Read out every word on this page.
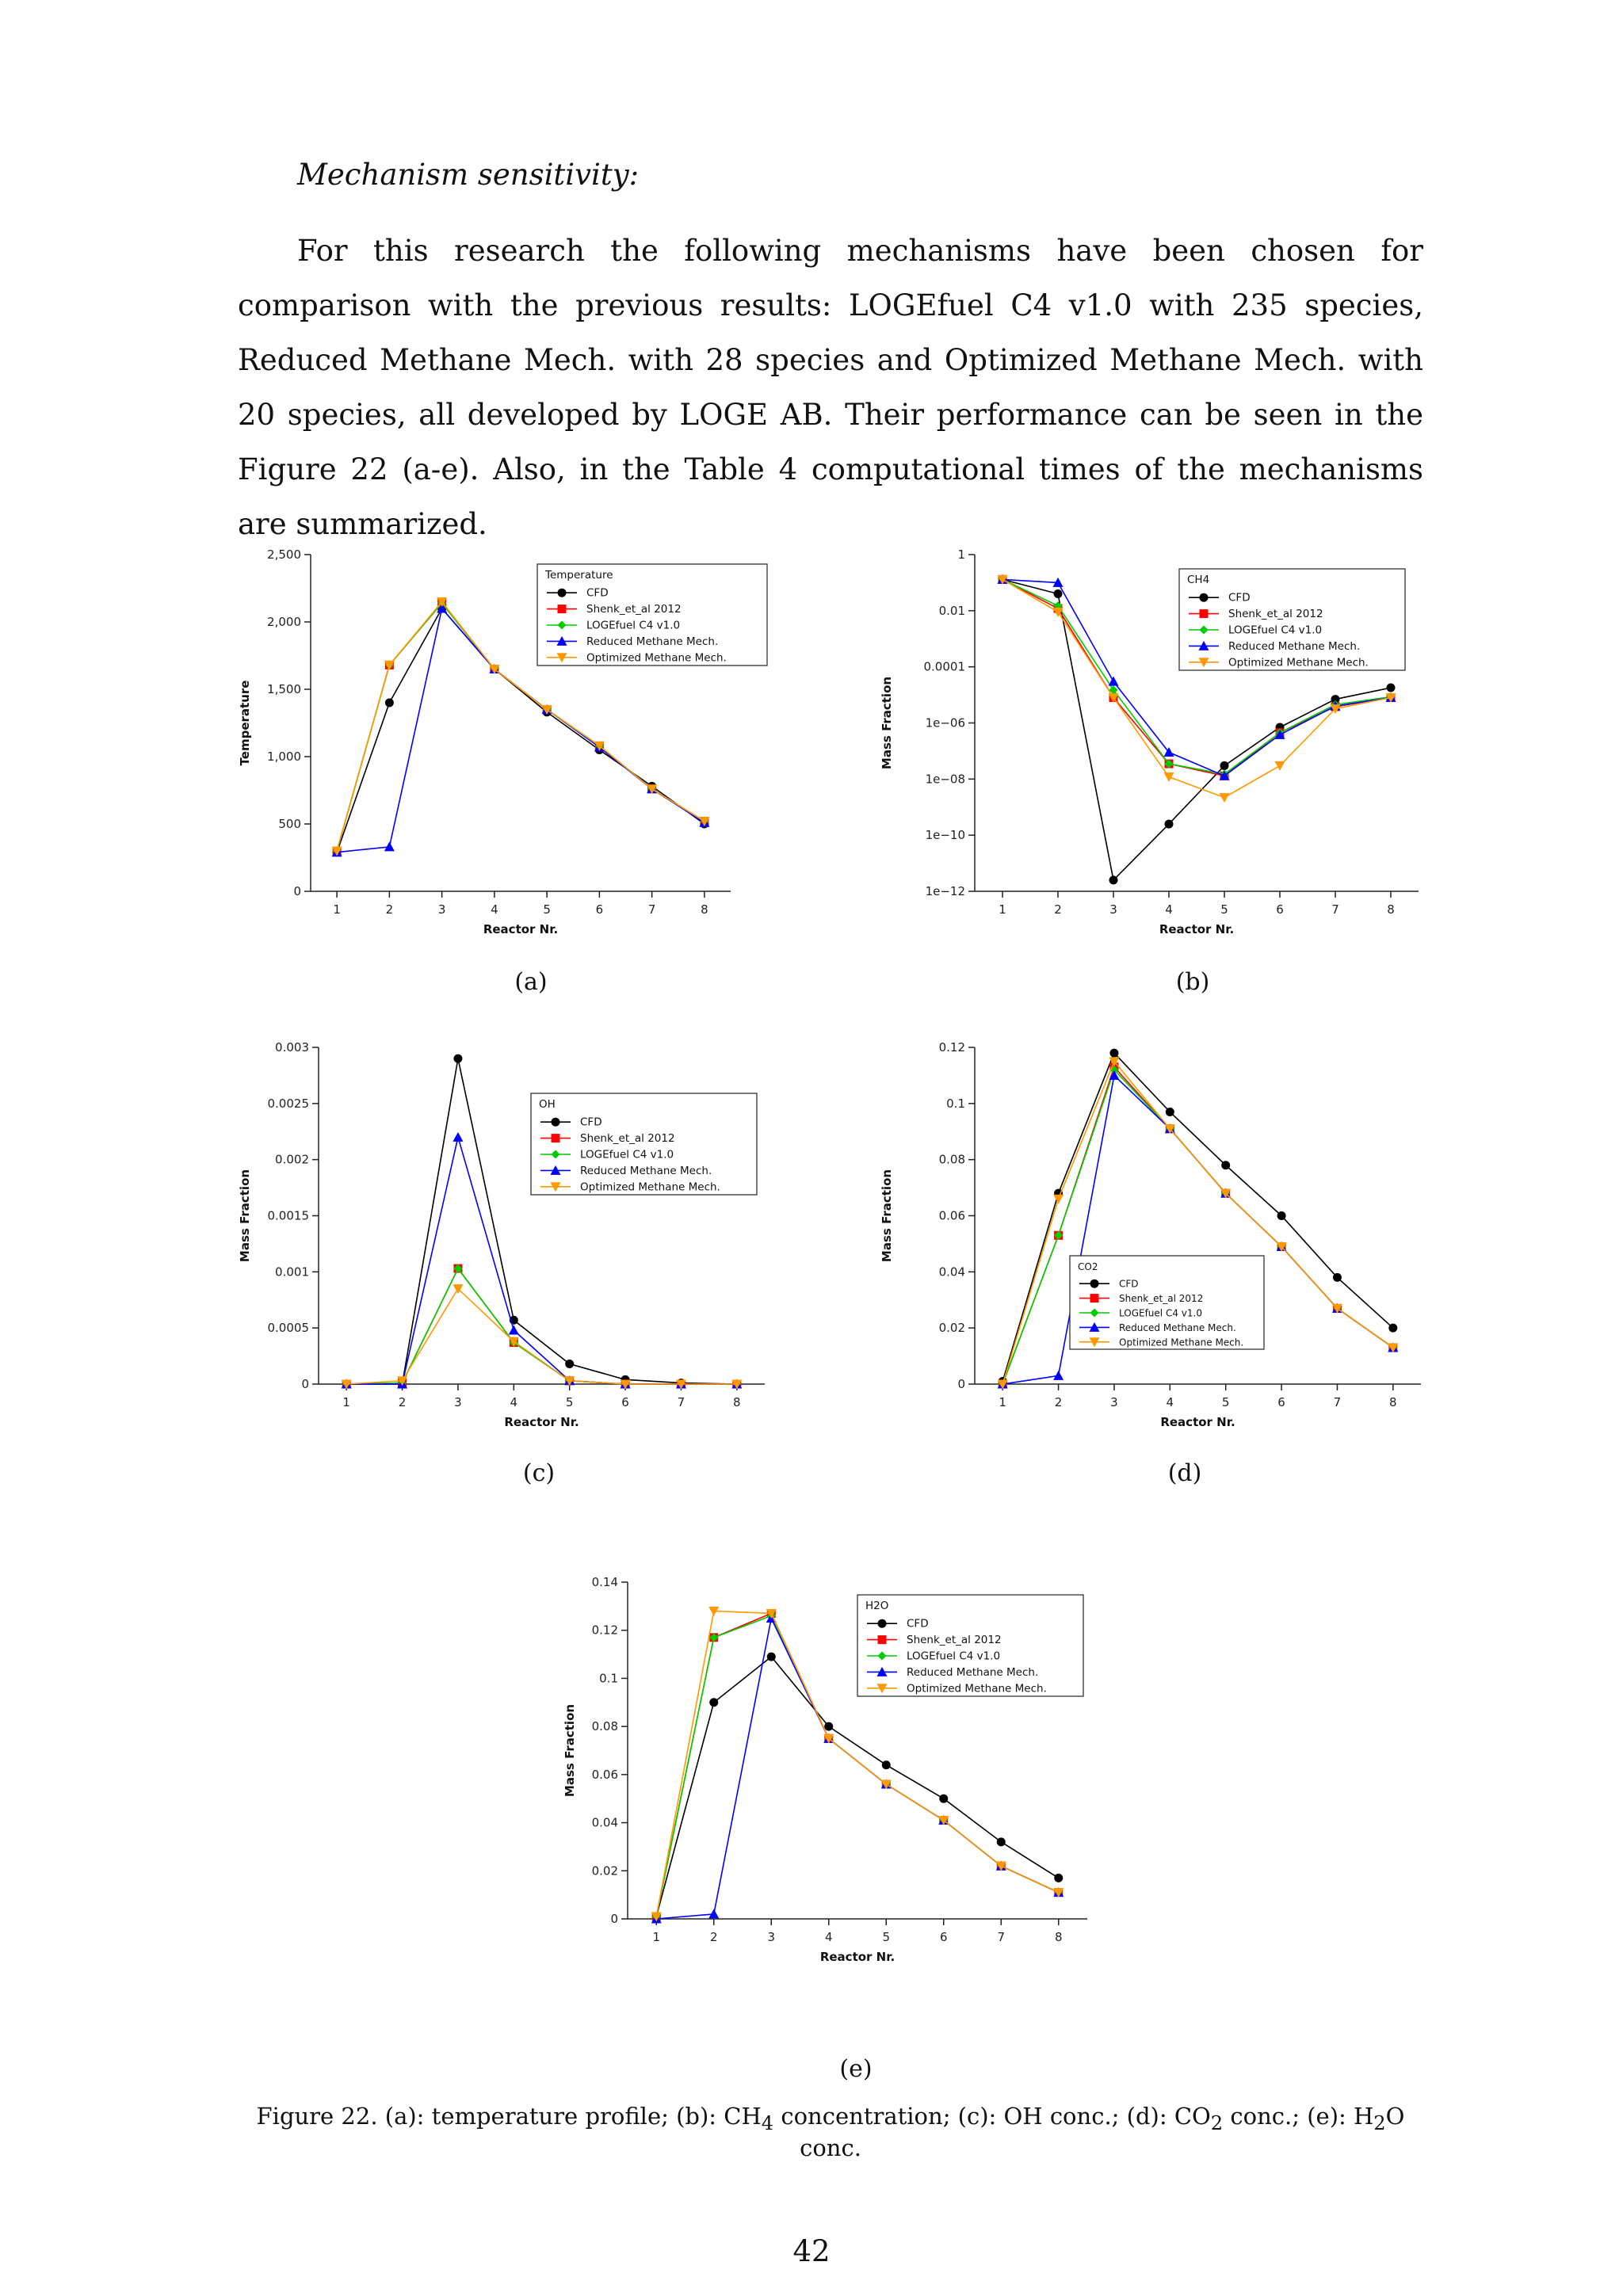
Mechanism sensitivity:

For this research the following mechanisms have been chosen for comparison with the previous results: LOGEfuel C4 v1.0 with 235 species, Reduced Methane Mech. with 28 species and Optimized Methane Mech. with 20 species, all developed by LOGE AB. Their performance can be seen in the Figure 22 (a-e). Also, in the Table 4 computational times of the mechanisms are summarized.

0
500
1,000
1,500
2,000
2,500
1	2	3	4	5	6	7	8
Reactor Nr.
Temperature
Temperature
CFD
Shenk_et_al 2012
LOGEfuel C4 v1.0
Reduced Methane Mech.
Optimized Methane Mech.
1
0.01
0.0001
1e−06
1e−08
1e−10
1e−12
1	2	3	4	5	6	7	8
Reactor Nr.
Mass Fraction
CH4
CFD
Shenk_et_al 2012
LOGEfuel C4 v1.0
Reduced Methane Mech.
Optimized Methane Mech.
0
0.0005
0.001
0.0015
0.002
0.0025
0.003
1	2	3	4	5	6	7	8
Reactor Nr.
Mass Fraction
OH
CFD
Shenk_et_al 2012
LOGEfuel C4 v1.0
Reduced Methane Mech.
Optimized Methane Mech.
0
0.02
0.04
0.06
0.08
0.1
0.12
1	2	3	4	5	6	7	8
Reactor Nr.
Mass Fraction
CO2
CFD
Shenk_et_al 2012
LOGEfuel C4 v1.0
Reduced Methane Mech.
Optimized Methane Mech.
0
0.02
0.04
0.06
0.08
0.1
0.12
0.14
1	2	3	4	5	6	7	8
Reactor Nr.
Mass Fraction
H2O
CFD
Shenk_et_al 2012
LOGEfuel C4 v1.0
Reduced Methane Mech.
Optimized Methane Mech.
(a)	(b)
(c)	(d)
(e)
Figure 22. (a): temperature profile; (b): $CH_4$ concentration; (c): OH conc.; (d): $CO_2$ conc.; (e): $H_2O$ conc.
42
